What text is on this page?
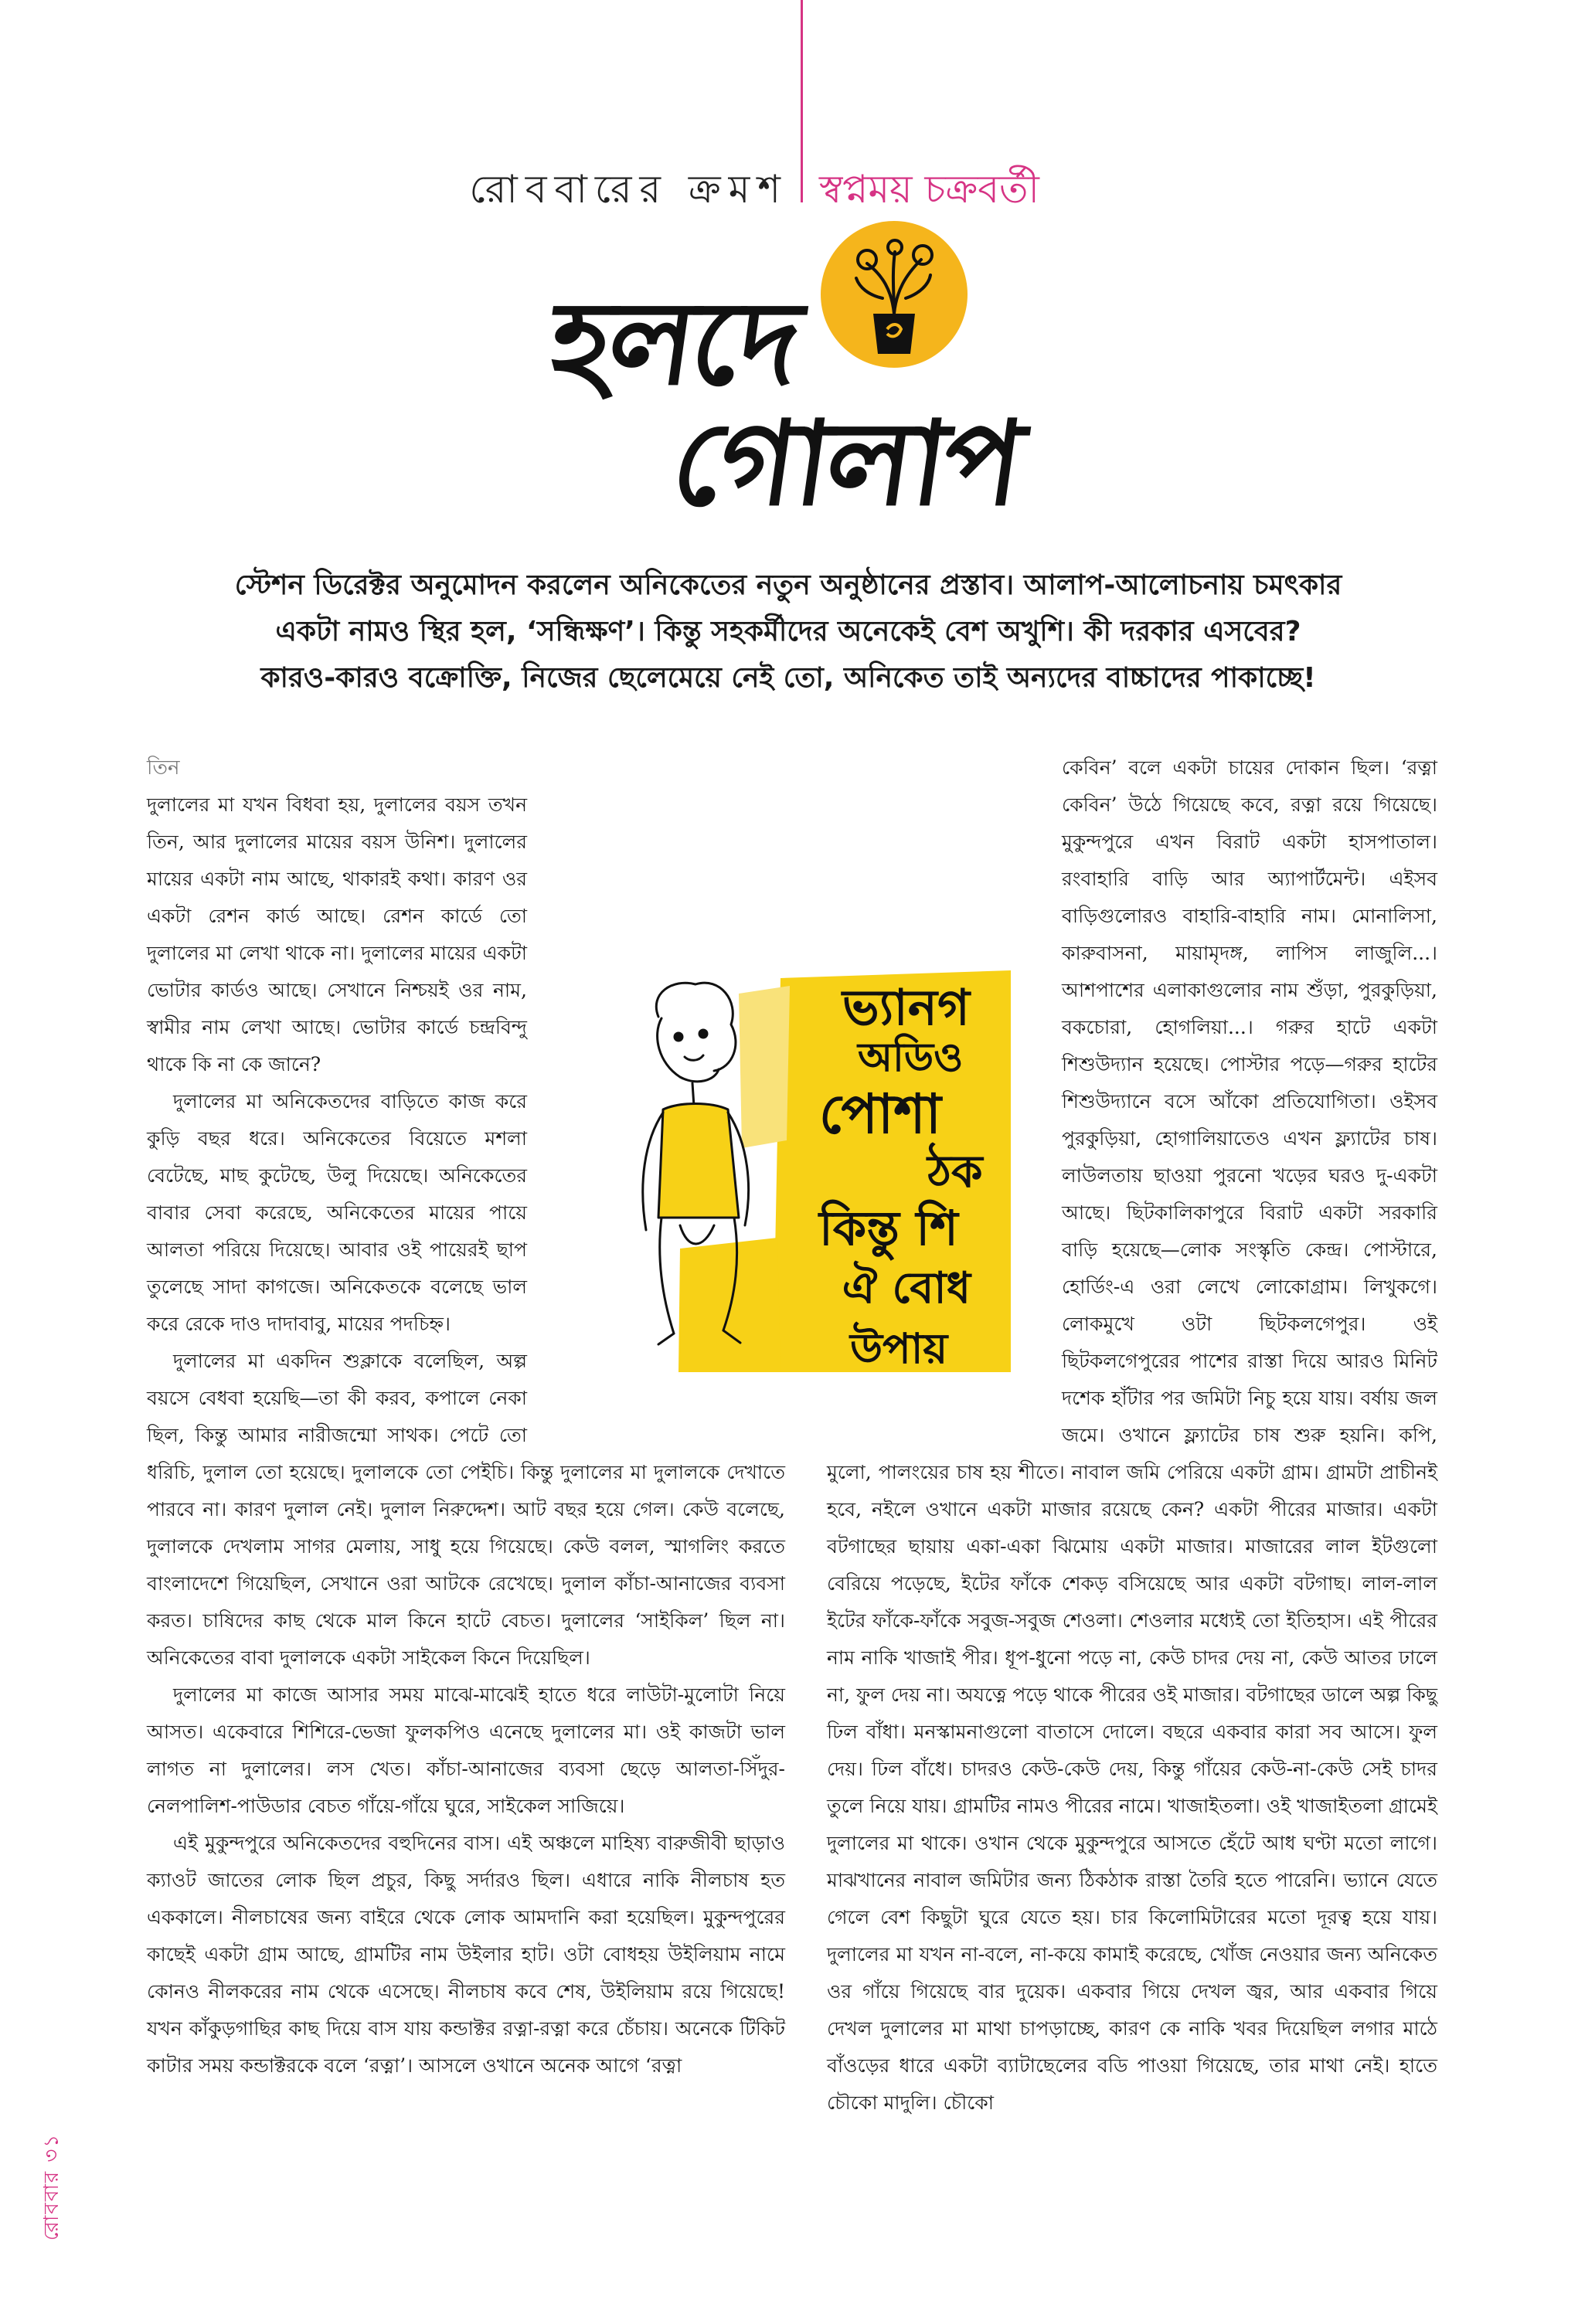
রোববারের ক্রমশ স্বপ্নময় চক্রবর্তী
হলদে
গোলাপ

স্টেশন ডিরেক্টর অনুমোদন করলেন অনিকেতের নতুন অনুষ্ঠানের প্রস্তাব। আলাপ-আলোচনায় চমৎকার

একটা নামও স্থির হল, ‘সন্ধিক্ষণ’। কিন্তু সহকর্মীদের অনেকেই বেশ অখুশি। কী দরকার এসবের?

কারও-কারও বক্রোক্তি, নিজের ছেলেমেয়ে নেই তো, অনিকেত তাই অন্যদের বাচ্চাদের পাকাচ্ছে!

তিন

দুলালের মা যখন বিধবা হয়, দুলালের বয়স তখন তিন, আর দুলালের মায়ের বয়স উনিশ। দুলালের মায়ের একটা নাম আছে, থাকারই কথা। কারণ ওর একটা রেশন কার্ড আছে। রেশন কার্ডে তো দুলালের মা লেখা থাকে না। দুলালের মায়ের একটা ভোটার কার্ডও আছে। সেখানে নিশ্চয়ই ওর নাম, স্বামীর নাম লেখা আছে। ভোটার কার্ডে চন্দ্রবিন্দু থাকে কি না কে জানে?

দুলালের মা অনিকেতদের বাড়িতে কাজ করে কুড়ি বছর ধরে। অনিকেতের বিয়েতে মশলা বেটেছে, মাছ কুটেছে, উলু দিয়েছে। অনিকেতের বাবার সেবা করেছে, অনিকেতের মায়ের পায়ে আলতা পরিয়ে দিয়েছে। আবার ওই পায়েরই ছাপ তুলেছে সাদা কাগজে। অনিকেতকে বলেছে ভাল করে রেকে দাও দাদাবাবু, মায়ের পদচিহ্ন।

দুলালের মা একদিন শুক্লাকে বলেছিল, অল্প বয়সে বেধবা হয়েছি—তা কী করব, কপালে নেকা ছিল, কিন্তু আমার নারীজন্মো সাথক। পেটে তো ধরিচি, দুলাল তো হয়েছে। দুলালকে তো পেইচি। কিন্তু দুলালের মা দুলালকে দেখাতে পারবে না। কারণ দুলাল নেই। দুলাল নিরুদ্দেশ। আট বছর হয়ে গেল। কেউ বলেছে, দুলালকে দেখলাম সাগর মেলায়, সাধু হয়ে গিয়েছে। কেউ বলল, স্মাগলিং করতে বাংলাদেশে গিয়েছিল, সেখানে ওরা আটকে রেখেছে। দুলাল কাঁচা-আনাজের ব্যবসা করত। চাষিদের কাছ থেকে মাল কিনে হাটে বেচত। দুলালের ‘সাইকিল’ ছিল না। অনিকেতের বাবা দুলালকে একটা সাইকেল কিনে দিয়েছিল।

দুলালের মা কাজে আসার সময় মাঝে-মাঝেই হাতে ধরে লাউটা-মুলোটা নিয়ে আসত। একেবারে শিশিরে-ভেজা ফুলকপিও এনেছে দুলালের মা। ওই কাজটা ভাল লাগত না দুলালের। লস খেত। কাঁচা-আনাজের ব্যবসা ছেড়ে আলতা-সিঁদুর-নেলপালিশ-পাউডার বেচত গাঁয়ে-গাঁয়ে ঘুরে, সাইকেল সাজিয়ে।

এই মুকুন্দপুরে অনিকেতদের বহুদিনের বাস। এই অঞ্চলে মাহিষ্য বারুজীবী ছাড়াও ক্যাওট জাতের লোক ছিল প্রচুর, কিছু সর্দারও ছিল। এধারে নাকি নীলচাষ হত এককালে। নীলচাষের জন্য বাইরে থেকে লোক আমদানি করা হয়েছিল। মুকুন্দপুরের কাছেই একটা গ্রাম আছে, গ্রামটির নাম উইলার হাট। ওটা বোধহয় উইলিয়াম নামে কোনও নীলকরের নাম থেকে এসেছে। নীলচাষ কবে শেষ, উইলিয়াম রয়ে গিয়েছে! যখন কাঁকুড়গাছির কাছ দিয়ে বাস যায় কন্ডাক্টর রত্না-রত্না করে চেঁচায়। অনেকে টিকিট কাটার সময় কন্ডাক্টরকে বলে ‘রত্না’। আসলে ওখানে অনেক আগে ‘রত্না

কেবিন’ বলে একটা চায়ের দোকান ছিল। ‘রত্না কেবিন’ উঠে গিয়েছে কবে, রত্না রয়ে গিয়েছে। মুকুন্দপুরে এখন বিরাট একটা হাসপাতাল। রংবাহারি বাড়ি আর অ্যাপার্টমেন্ট। এইসব বাড়িগুলোরও বাহারি-বাহারি নাম। মোনালিসা, কারুবাসনা, মায়ামৃদঙ্গ, লাপিস লাজুলি...। আশপাশের এলাকাগুলোর নাম শুঁড়া, পুরকুড়িয়া, বকচোরা, হোগলিয়া...। গরুর হাটে একটা শিশুউদ্যান হয়েছে। পোস্টার পড়ে—গরুর হাটের শিশুউদ্যানে বসে আঁকো প্রতিযোগিতা। ওইসব পুরকুড়িয়া, হোগালিয়াতেও এখন ফ্ল্যাটের চাষ। লাউলতায় ছাওয়া পুরনো খড়ের ঘরও দু-একটা আছে। ছিটকালিকাপুরে বিরাট একটা সরকারি বাড়ি হয়েছে—লোক সংস্কৃতি কেন্দ্র। পোস্টারে, হোর্ডিং-এ ওরা লেখে লোকোগ্রাম। লিখুকগে। লোকমুখে ওটা ছিটকলগেপুর। ওই ছিটকলগেপুরের পাশের রাস্তা দিয়ে আরও মিনিট দশেক হাঁটার পর জমিটা নিচু হয়ে যায়। বর্ষায় জল জমে। ওখানে ফ্ল্যাটের চাষ শুরু হয়নি। কপি, মুলো, পালংয়ের চাষ হয় শীতে। নাবাল জমি পেরিয়ে একটা গ্রাম। গ্রামটা প্রাচীনই হবে, নইলে ওখানে একটা মাজার রয়েছে কেন? একটা পীরের মাজার। একটা বটগাছের ছায়ায় একা-একা ঝিমোয় একটা মাজার। মাজারের লাল ইটগুলো বেরিয়ে পড়েছে, ইটের ফাঁকে শেকড় বসিয়েছে আর একটা বটগাছ। লাল-লাল ইটের ফাঁকে-ফাঁকে সবুজ-সবুজ শেওলা। শেওলার মধ্যেই তো ইতিহাস। এই পীরের নাম নাকি খাজাই পীর। ধূপ-ধুনো পড়ে না, কেউ চাদর দেয় না, কেউ আতর ঢালে না, ফুল দেয় না। অযত্নে পড়ে থাকে পীরের ওই মাজার। বটগাছের ডালে অল্প কিছু ঢিল বাঁধা। মনস্কামনাগুলো বাতাসে দোলে। বছরে একবার কারা সব আসে। ফুল দেয়। ঢিল বাঁধে। চাদরও কেউ-কেউ দেয়, কিন্তু গাঁয়ের কেউ-না-কেউ সেই চাদর তুলে নিয়ে যায়। গ্রামটির নামও পীরের নামে। খাজাইতলা। ওই খাজাইতলা গ্রামেই দুলালের মা থাকে। ওখান থেকে মুকুন্দপুরে আসতে হেঁটে আধ ঘণ্টা মতো লাগে। মাঝখানের নাবাল জমিটার জন্য ঠিকঠাক রাস্তা তৈরি হতে পারেনি। ভ্যানে যেতে গেলে বেশ কিছুটা ঘুরে যেতে হয়। চার কিলোমিটারের মতো দূরত্ব হয়ে যায়। দুলালের মা যখন না-বলে, না-কয়ে কামাই করেছে, খোঁজ নেওয়ার জন্য অনিকেত ওর গাঁয়ে গিয়েছে বার দুয়েক। একবার গিয়ে দেখল জ্বর, আর একবার গিয়ে দেখল দুলালের মা মাথা চাপড়াচ্ছে, কারণ কে নাকি খবর দিয়েছিল লগার মাঠে বাঁওড়ের ধারে একটা ব্যাটাছেলের বডি পাওয়া গিয়েছে, তার মাথা নেই। হাতে চৌকো মাদুলি। চৌকো

ভ্যানগ
অডিও
পোশা
ঠক
কিন্তু শি
ঐ বোধ
উপায়
রোববার ৩১
